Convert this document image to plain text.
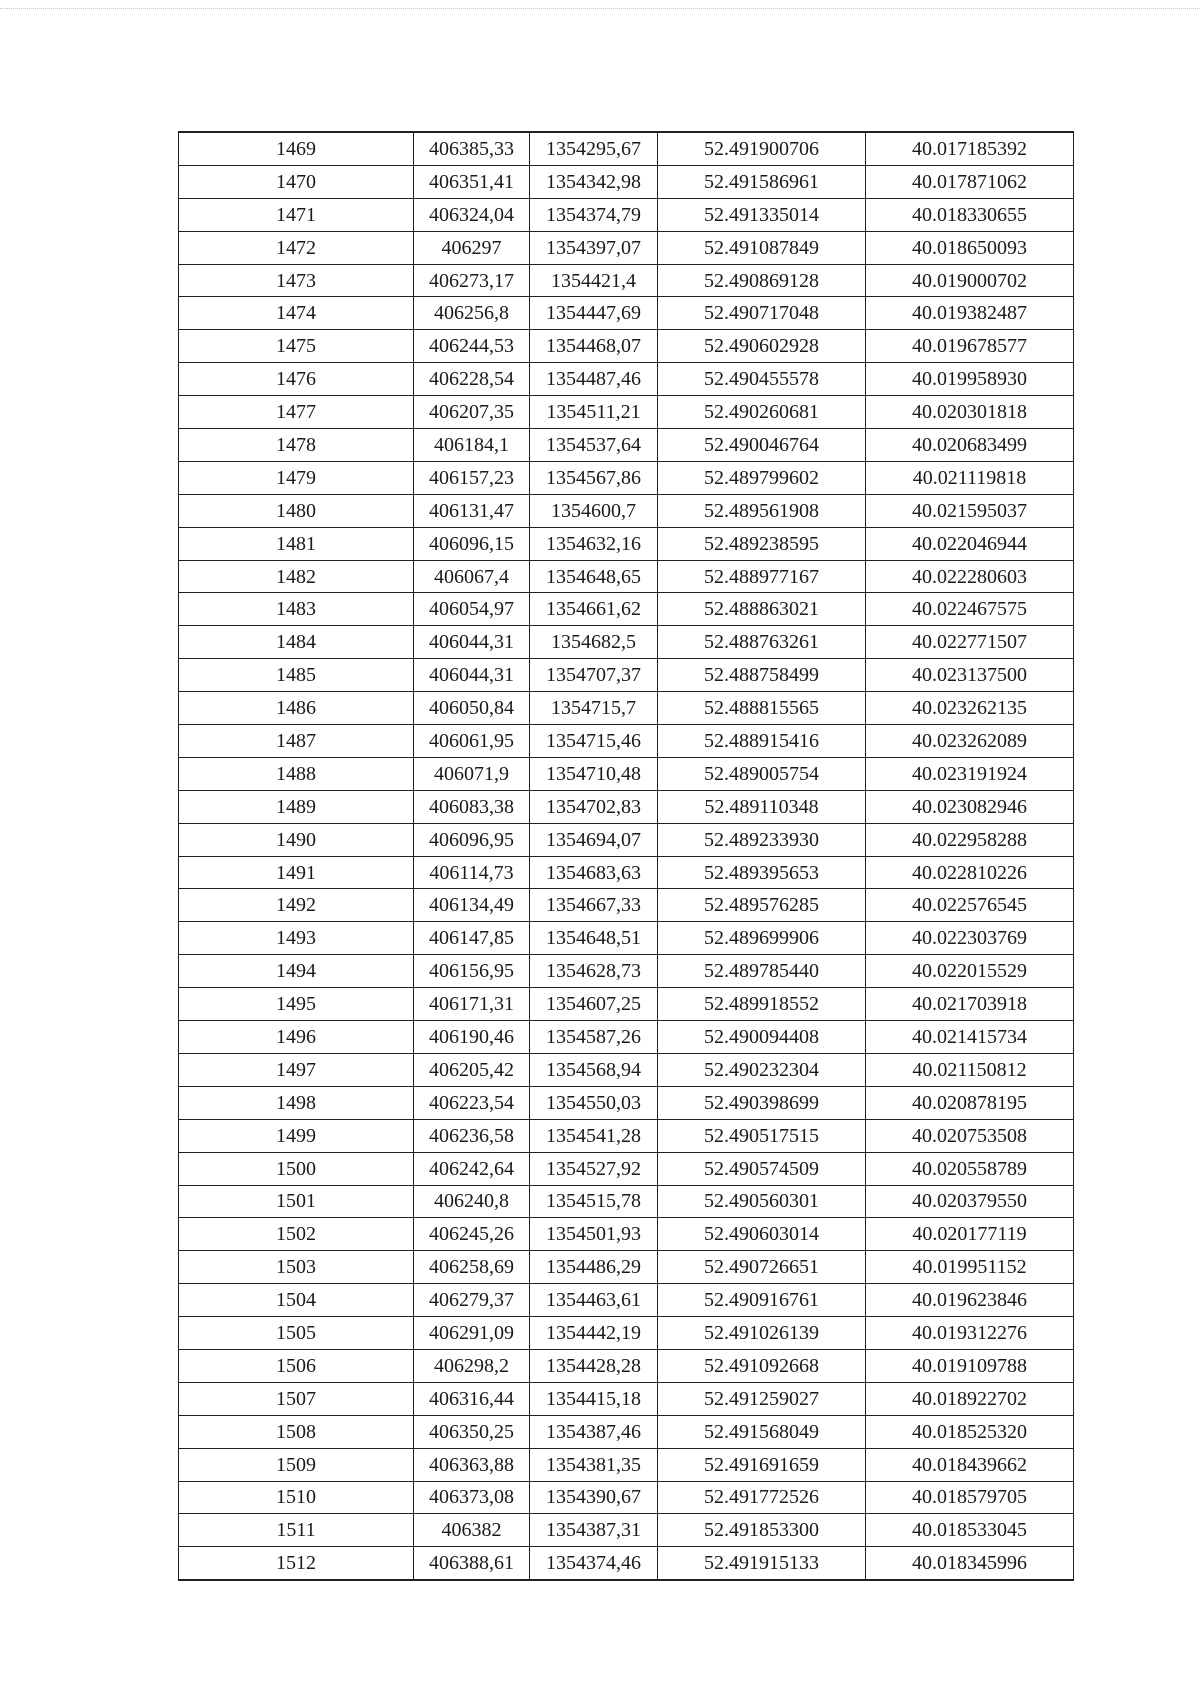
1469	406385,33	1354295,67	52.491900706	40.017185392
1470	406351,41	1354342,98	52.491586961	40.017871062
1471	406324,04	1354374,79	52.491335014	40.018330655
1472	406297	1354397,07	52.491087849	40.018650093
1473	406273,17	1354421,4	52.490869128	40.019000702
1474	406256,8	1354447,69	52.490717048	40.019382487
1475	406244,53	1354468,07	52.490602928	40.019678577
1476	406228,54	1354487,46	52.490455578	40.019958930
1477	406207,35	1354511,21	52.490260681	40.020301818
1478	406184,1	1354537,64	52.490046764	40.020683499
1479	406157,23	1354567,86	52.489799602	40.021119818
1480	406131,47	1354600,7	52.489561908	40.021595037
1481	406096,15	1354632,16	52.489238595	40.022046944
1482	406067,4	1354648,65	52.488977167	40.022280603
1483	406054,97	1354661,62	52.488863021	40.022467575
1484	406044,31	1354682,5	52.488763261	40.022771507
1485	406044,31	1354707,37	52.488758499	40.023137500
1486	406050,84	1354715,7	52.488815565	40.023262135
1487	406061,95	1354715,46	52.488915416	40.023262089
1488	406071,9	1354710,48	52.489005754	40.023191924
1489	406083,38	1354702,83	52.489110348	40.023082946
1490	406096,95	1354694,07	52.489233930	40.022958288
1491	406114,73	1354683,63	52.489395653	40.022810226
1492	406134,49	1354667,33	52.489576285	40.022576545
1493	406147,85	1354648,51	52.489699906	40.022303769
1494	406156,95	1354628,73	52.489785440	40.022015529
1495	406171,31	1354607,25	52.489918552	40.021703918
1496	406190,46	1354587,26	52.490094408	40.021415734
1497	406205,42	1354568,94	52.490232304	40.021150812
1498	406223,54	1354550,03	52.490398699	40.020878195
1499	406236,58	1354541,28	52.490517515	40.020753508
1500	406242,64	1354527,92	52.490574509	40.020558789
1501	406240,8	1354515,78	52.490560301	40.020379550
1502	406245,26	1354501,93	52.490603014	40.020177119
1503	406258,69	1354486,29	52.490726651	40.019951152
1504	406279,37	1354463,61	52.490916761	40.019623846
1505	406291,09	1354442,19	52.491026139	40.019312276
1506	406298,2	1354428,28	52.491092668	40.019109788
1507	406316,44	1354415,18	52.491259027	40.018922702
1508	406350,25	1354387,46	52.491568049	40.018525320
1509	406363,88	1354381,35	52.491691659	40.018439662
1510	406373,08	1354390,67	52.491772526	40.018579705
1511	406382	1354387,31	52.491853300	40.018533045
1512	406388,61	1354374,46	52.491915133	40.018345996
